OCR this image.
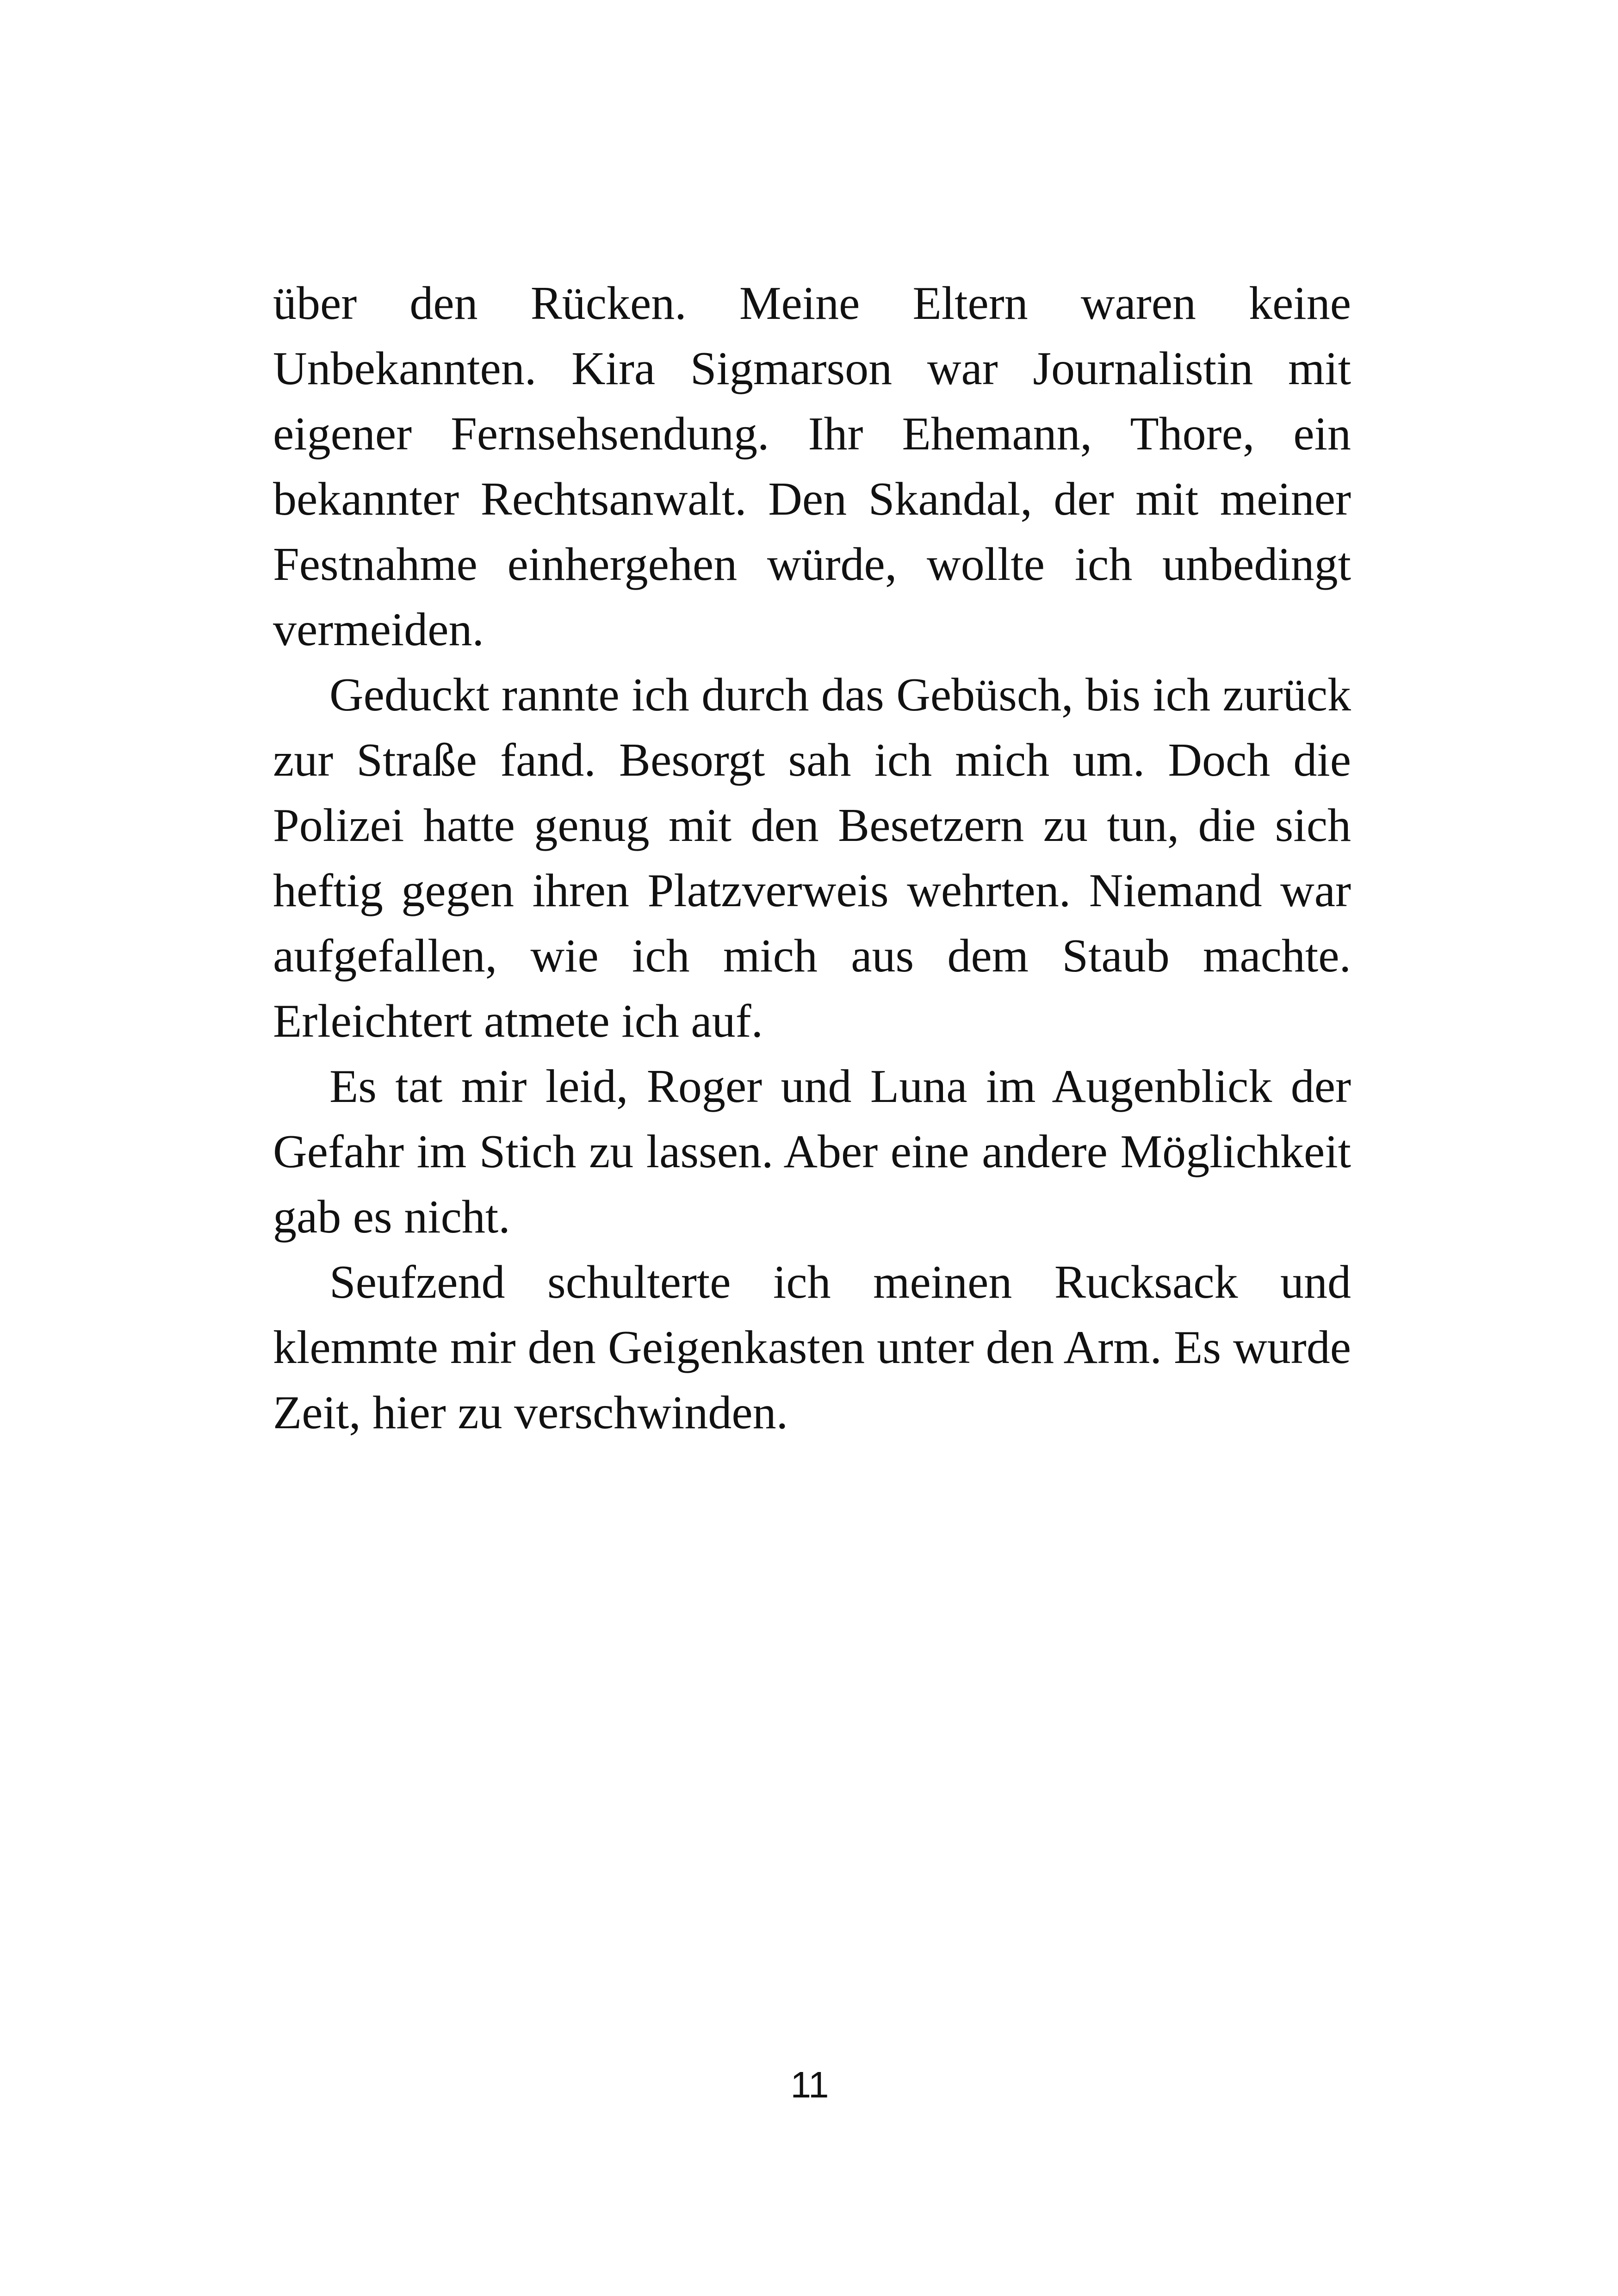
über den Rücken. Meine Eltern waren keine Unbekannten. Kira Sigmarson war Journalistin mit eigener Fernsehsendung. Ihr Ehemann, Thore, ein bekannter Rechtsanwalt. Den Skandal, der mit meiner Festnahme einhergehen würde, wollte ich unbedingt vermeiden.

Geduckt rannte ich durch das Gebüsch, bis ich zurück zur Straße fand. Besorgt sah ich mich um. Doch die Polizei hatte genug mit den Besetzern zu tun, die sich heftig gegen ihren Platzverweis wehrten. Niemand war aufgefallen, wie ich mich aus dem Staub machte. Erleichtert atmete ich auf.

Es tat mir leid, Roger und Luna im Augenblick der Gefahr im Stich zu lassen. Aber eine andere Möglichkeit gab es nicht.

Seufzend schulterte ich meinen Rucksack und klemmte mir den Geigenkasten unter den Arm. Es wurde Zeit, hier zu verschwinden.

11
